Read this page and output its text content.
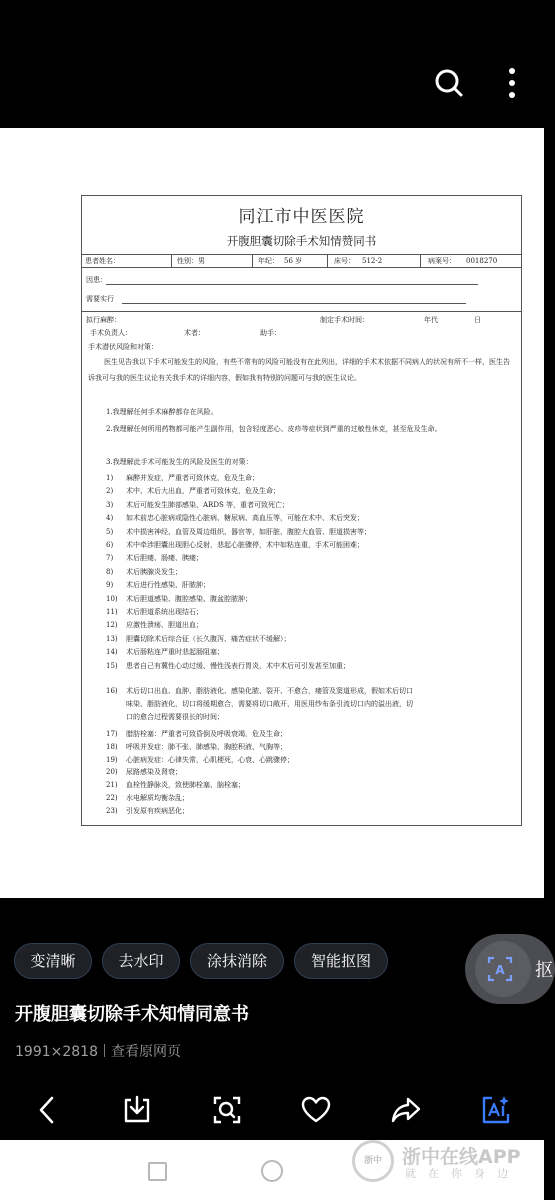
同江市中医医院
开腹胆囊切除手术知情赞同书
患者姓名：	性别：男	年纪： 56 岁	床号： 512-2	病案号： 0018270
因患：
需要实行
拟行麻醉：	制定手术时间：	年代	日
手术负责人：	术者：	助手：
手术潜伏风险和对策：
医生见告我以下手术可能发生的风险，有些不常有的风险可能没有在此列出，详细的手术术依据不同病人的状况有所不一样，医生告诉我可与我的医生议论有关我手术的详细内容，假如我有特别的问题可与我的医生议论。
1.我理解任何手术麻醉都存在风险。
2.我理解任何所用药物都可能产生副作用，包含轻度恶心、皮疹等症状到严重的过敏性休克，甚至危及生命。
3.我理解此手术可能发生的风险及医生的对策：
1) 麻醉并发症，严重者可致休克，危及生命；
2) 术中、术后大出血，严重者可致休克，危及生命；
3) 术后可能发生肺部感染、ARDS 等，重者可致死亡；
4) 如术前忠心脏病或隐性心脏病、糖尿病、高血压等，可能在术中、术后突发；
5) 术中损害神经、血管及周边组织、器官等，如肝脏、腹腔大血管、胆道损害等；
6) 术中牵涉胆囊出现胆心反射，悲起心脏骤停，术中如粘连重，手术可能困难；
7) 术后胆瘘、肠瘘、胰瘘；
8) 术后胰腺炎发生；
9) 术后进行性感染、肝脓肿；
10) 术后胆道感染、腹腔感染、腹盆腔脓肿；
11) 术后胆道系统出现结石；
12) 应激性溃疡、胆道出血；
13) 胆囊切除术后综合征（长久腹泻、痛苦症状不缓解）；
14) 术后肠粘连严重时悲起肠阻塞；
15) 患者自己有冀性心动过缓、慢性浅表行胃炎，术中术后可引发甚至加重；
16)	术后切口出血、血肿、脂肪液化、感染化脓、裂开、不愈合，瘘管及窦道形成，假如术后切口
味染、脂肪液化，切口将缓期愈合，需要将切口敞开，用医用纱布条引流切口内的溢出液，切
口的愈合过程需要很长的时间；
17) 腊肪栓塞：严重者可致昏倒及呼吸衰竭，危及生命；
18) 呼吸并发症：肺不张、肺感染、胸腔积液、气胸等；
19) 心脏病发症：心律失常，心肌梗死，心衰、心跳骤停；
20) 尿路感染及肾衰；
21) 血栓性静脉炎，致使肺栓塞、脑栓塞；
22) 水电解质均衡杂乱；
23) 引发原有疾病恶化；
变清晰	去水印	涂抹消除	智能抠图	A 抠
开腹胆囊切除手术知情同意书
1991×2818 查看原网页
浙中	浙中在线APP
就在你身边
